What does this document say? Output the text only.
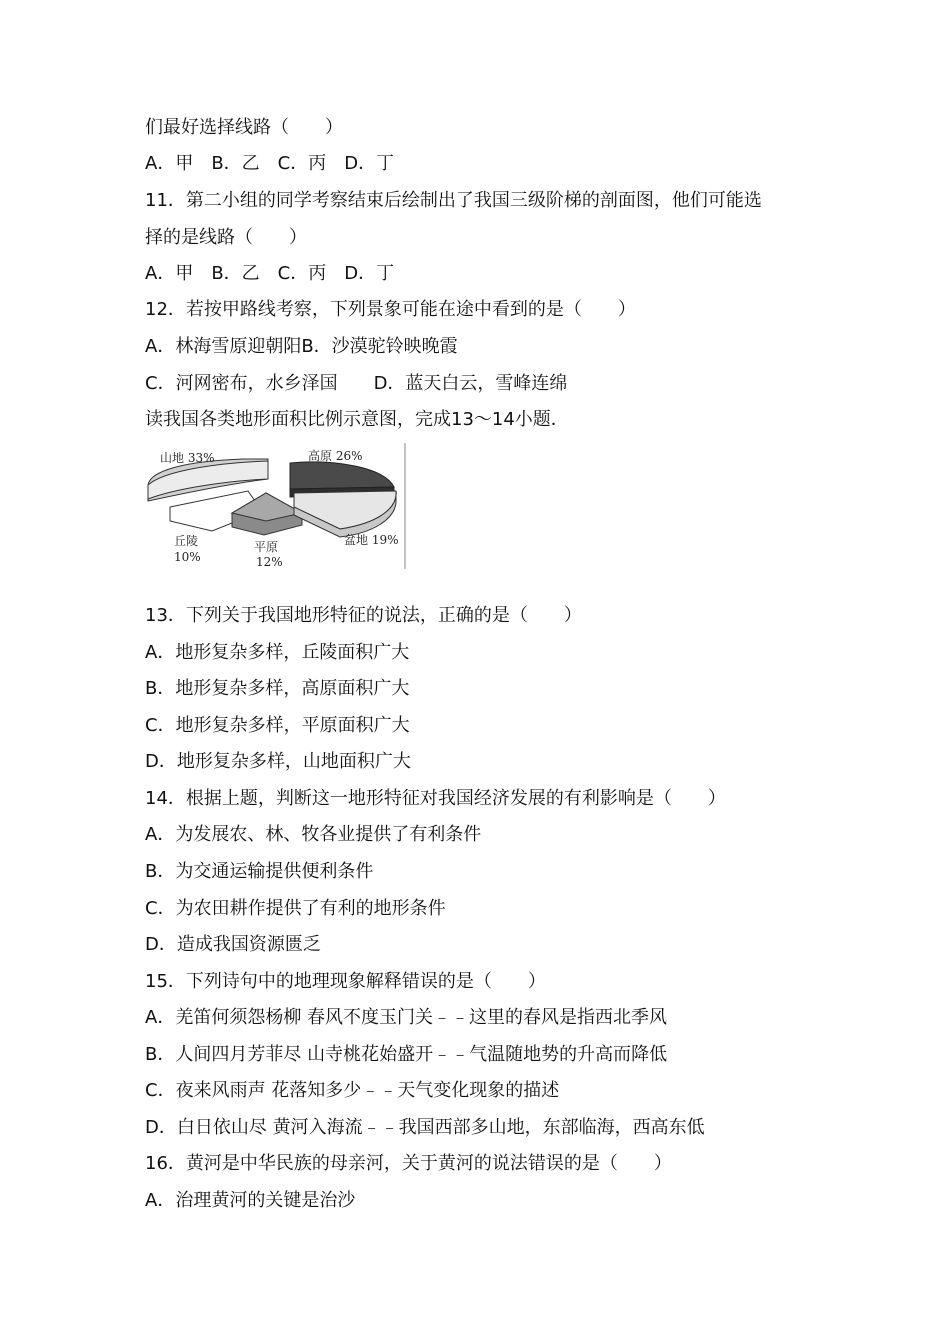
们最好选择线路（　　）
A．甲　B．乙　C．丙　D．丁
11．第二小组的同学考察结束后绘制出了我国三级阶梯的剖面图，他们可能选
择的是线路（　　）
A．甲　B．乙　C．丙　D．丁
12．若按甲路线考察，下列景象可能在途中看到的是（　　）
A．林海雪原迎朝阳B．沙漠驼铃映晚霞
C．河网密布，水乡泽国　　D．蓝天白云，雪峰连绵
读我国各类地形面积比例示意图，完成13～14小题．
山地 33%	高原 26%
盆地 19%
平原
12%
丘陵
10%
13．下列关于我国地形特征的说法，正确的是（　　）
A．地形复杂多样，丘陵面积广大
B．地形复杂多样，高原面积广大
C．地形复杂多样，平原面积广大
D．地形复杂多样，山地面积广大
14．根据上题，判断这一地形特征对我国经济发展的有利影响是（　　）
A．为发展农、林、牧各业提供了有利条件
B．为交通运输提供便利条件
C．为农田耕作提供了有利的地形条件
D．造成我国资源匮乏
15．下列诗句中的地理现象解释错误的是（　　）
A．羌笛何须怨杨柳 春风不度玉门关﹣﹣这里的春风是指西北季风
B．人间四月芳菲尽 山寺桃花始盛开﹣﹣气温随地势的升高而降低
C．夜来风雨声 花落知多少﹣﹣天气变化现象的描述
D．白日依山尽 黄河入海流﹣﹣我国西部多山地，东部临海，西高东低
16．黄河是中华民族的母亲河，关于黄河的说法错误的是（　　）
A．治理黄河的关键是治沙
